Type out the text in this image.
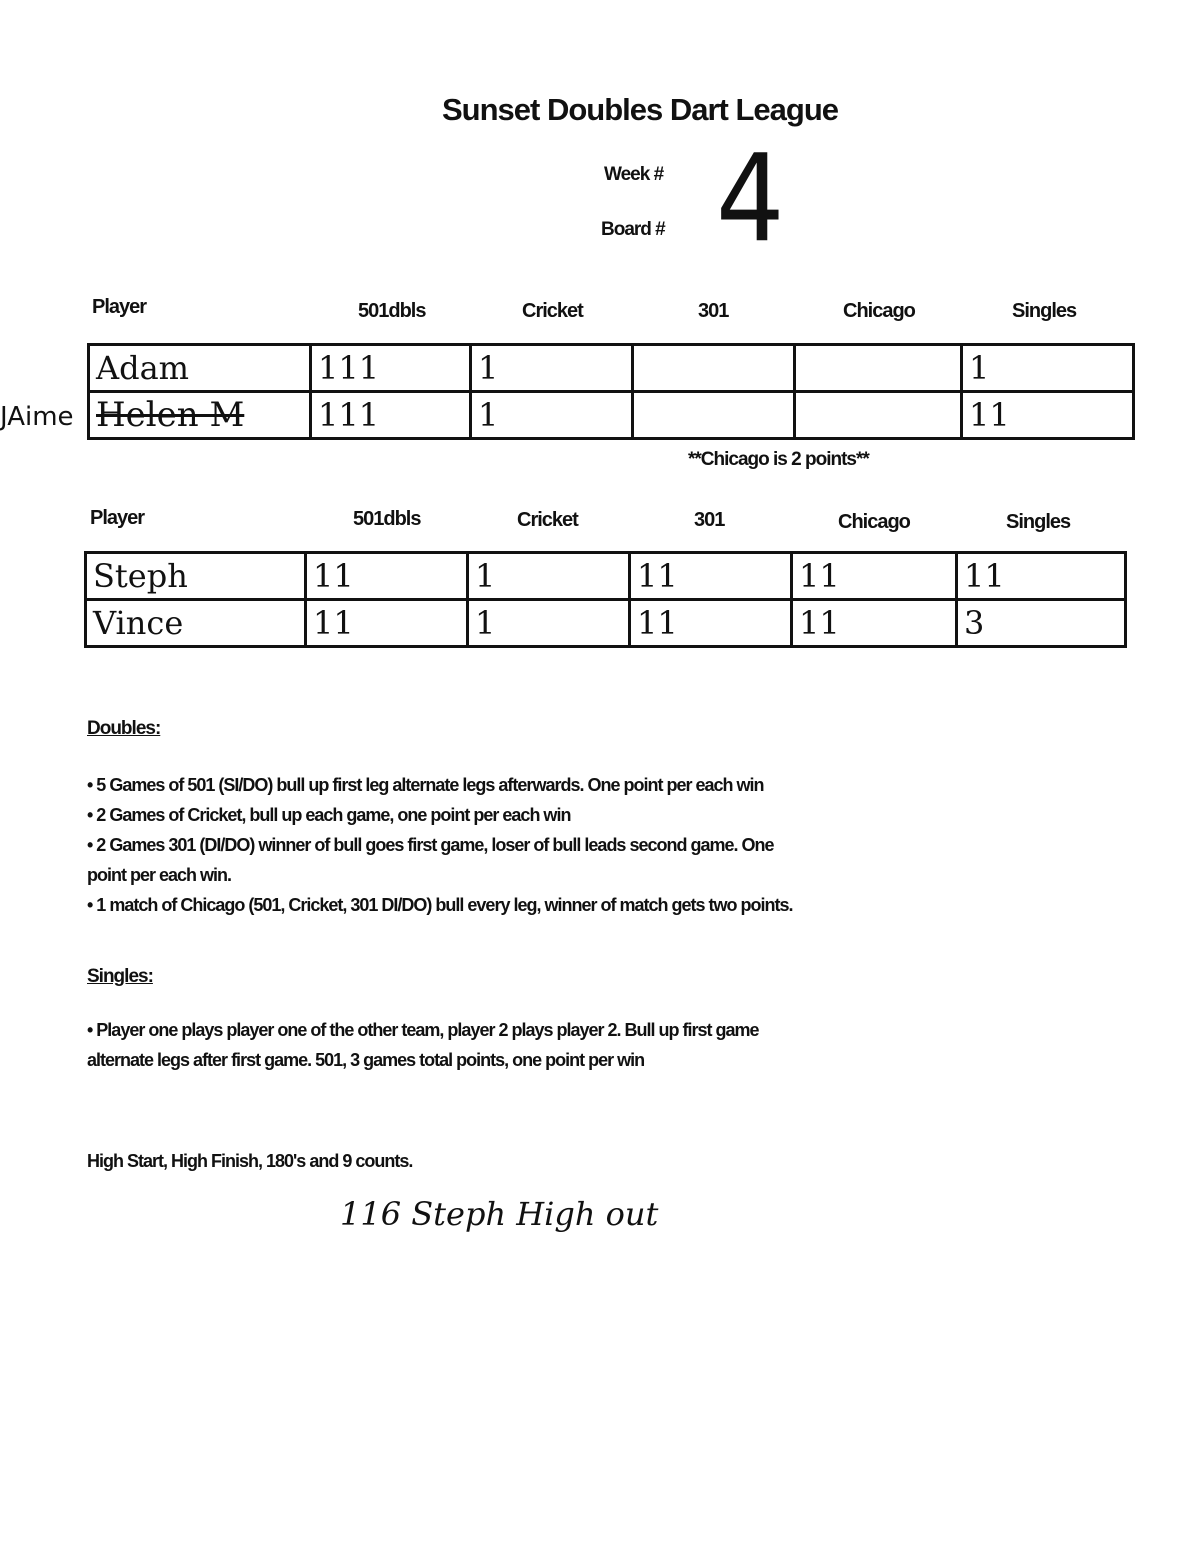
Sunset Doubles Dart League
Week #
Board # 4
Player	501dbls	Cricket	301	Chicago	Singles
JAime
Adam	111	1			1
Helen M	111	1			11
**Chicago is 2 points**
Player	501dbls	Cricket	301	Chicago	Singles
Steph	11	1	11	11	11
Vince	11	1	11	11	3
Doubles:
• 5 Games of 501 (SI/DO) bull up first leg alternate legs afterwards. One point per each win
• 2 Games of Cricket, bull up each game, one point per each win
• 2 Games 301 (DI/DO) winner of bull goes first game, loser of bull leads second game. One
point per each win.
• 1 match of Chicago (501, Cricket, 301 DI/DO) bull every leg, winner of match gets two points.
Singles:
• Player one plays player one of the other team, player 2 plays player 2. Bull up first game
alternate legs after first game. 501, 3 games total points, one point per win
High Start, High Finish, 180's and 9 counts.
116 Steph High out
